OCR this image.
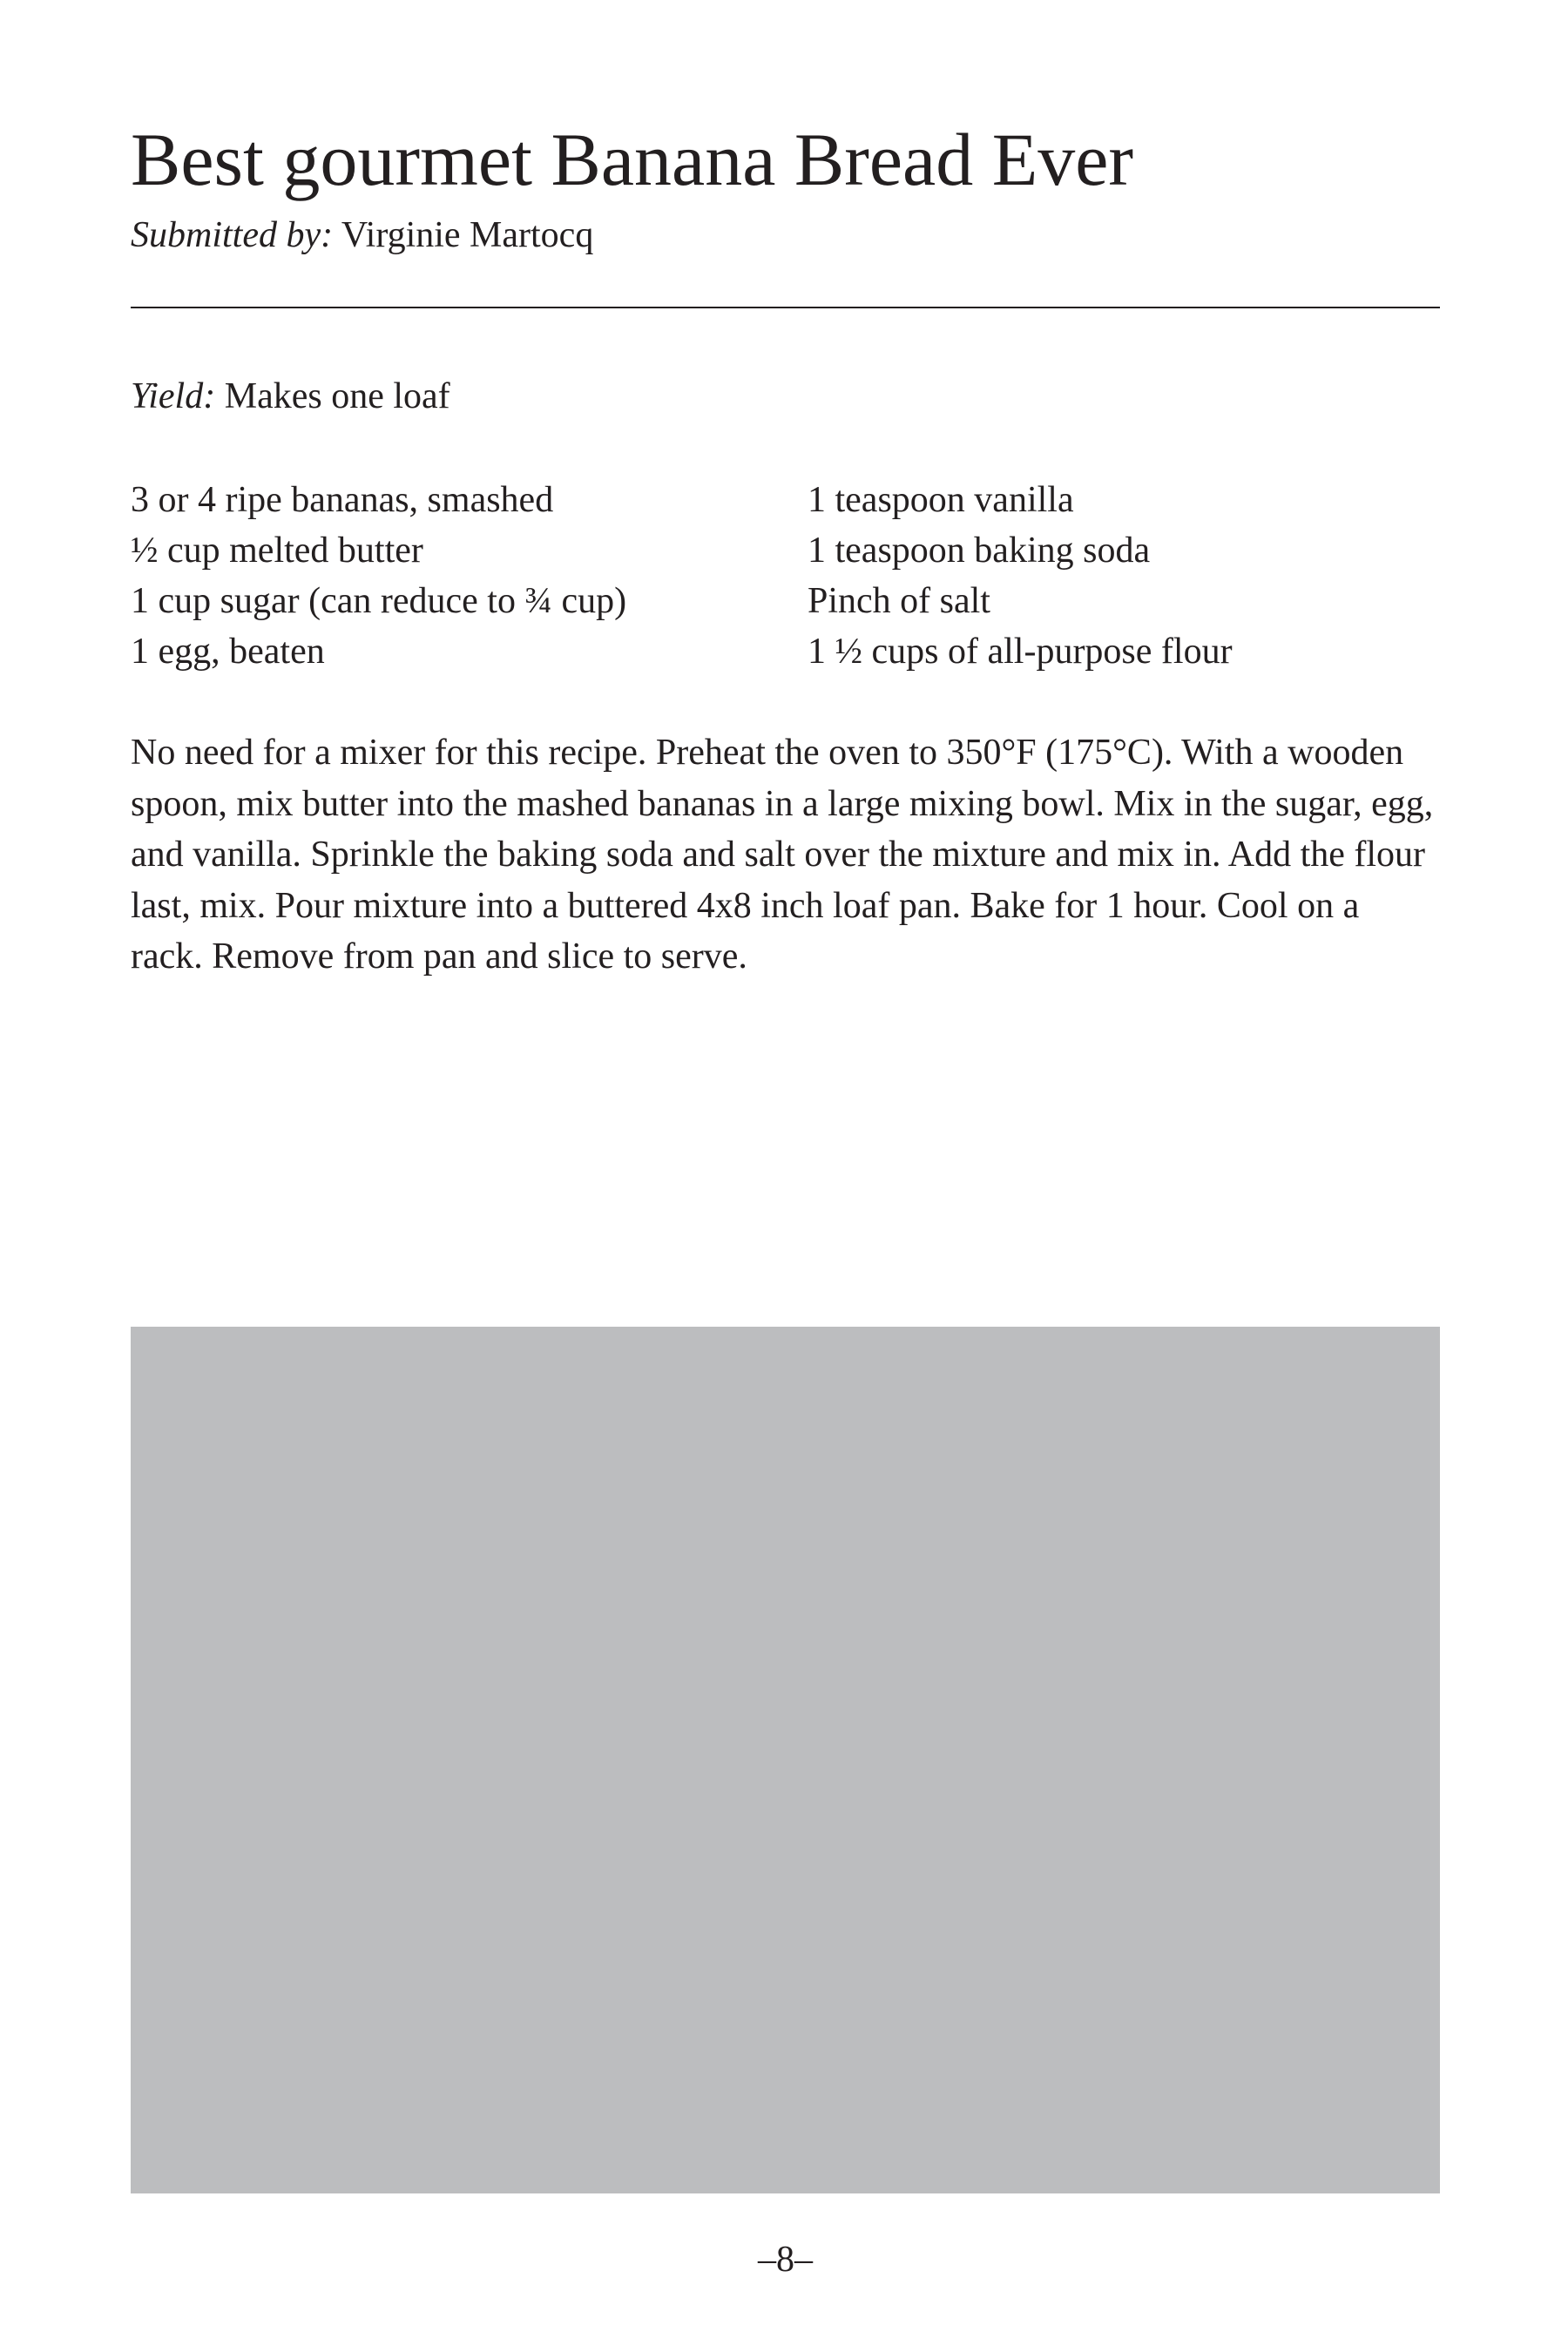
Best gourmet Banana Bread Ever
Submitted by: Virginie Martocq
Yield: Makes one loaf
3 or 4 ripe bananas, smashed
½ cup melted butter
1 cup sugar (can reduce to ¾ cup)
1 egg, beaten
1 teaspoon vanilla
1 teaspoon baking soda
Pinch of salt
1 ½ cups of all-purpose flour

No need for a mixer for this recipe. Preheat the oven to 350°F (175°C). With a wooden spoon, mix butter into the mashed bananas in a large mixing bowl. Mix in the sugar, egg, and vanilla. Sprinkle the baking soda and salt over the mixture and mix in. Add the flour last, mix. Pour mixture into a buttered 4x8 inch loaf pan. Bake for 1 hour. Cool on a rack. Remove from pan and slice to serve.

–8–
